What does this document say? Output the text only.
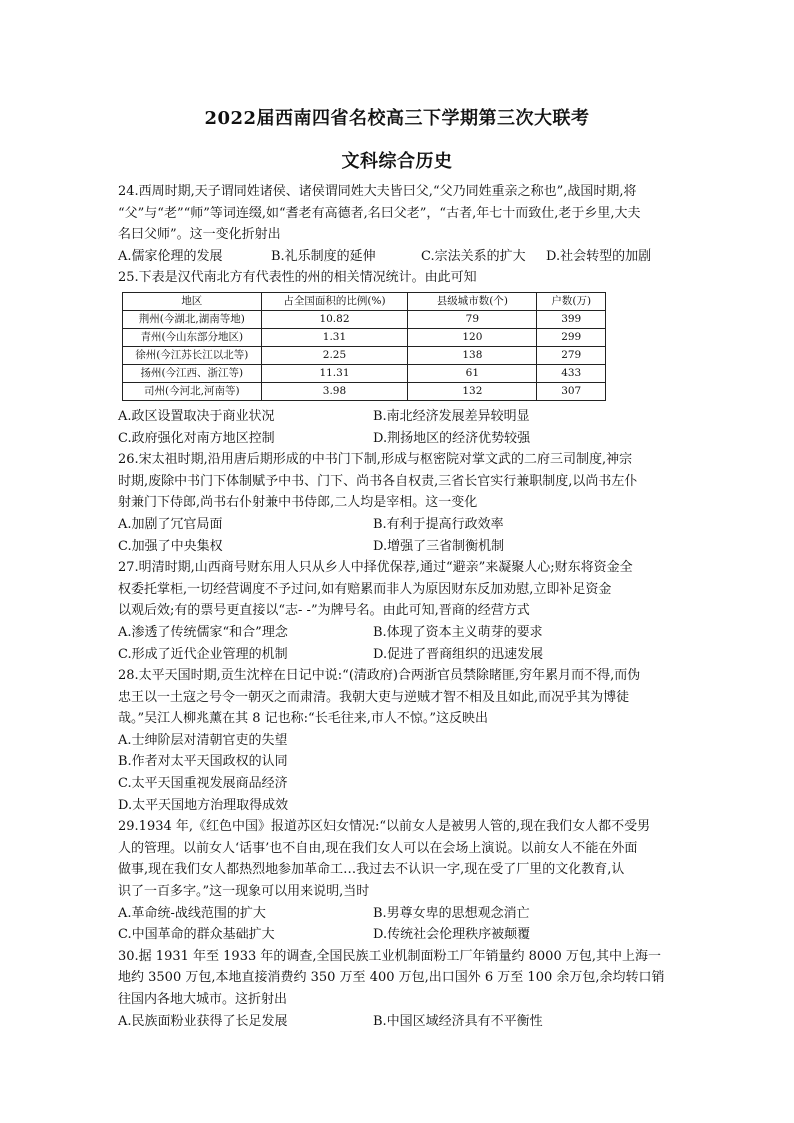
2022届西南四省名校高三下学期第三次大联考
文科综合历史

24.西周时期,天子谓同姓诸侯、诸侯谓同姓大夫皆曰父,“父乃同姓重亲之称也”,战国时期,将

“父”与“老”“师”等词连缀,如“耆老有高德者,名曰父老”，“古者,年七十而致仕,老于乡里,大夫

名曰父师”。这一变化折射出

A.儒家伦理的发展	B.礼乐制度的延伸	C.宗法关系的扩大	D.社会转型的加剧

25.下表是汉代南北方有代表性的州的相关情况统计。由此可知

地区	占全国面积的比例(%)	县级城市数(个)	户数(万)
荆州(今湖北,湖南等地)	10.82	79	399
青州(今山东部分地区)	1.31	120	299
徐州(今江苏长江以北等)	2.25	138	279
扬州(今江西、浙江等)	11.31	61	433
司州(今河北,河南等)	3.98	132	307
A.政区设置取决于商业状况	B.南北经济发展差异较明显
C.政府强化对南方地区控制	D.荆扬地区的经济优势较强

26.宋太祖时期,沿用唐后期形成的中书门下制,形成与枢密院对掌文武的二府三司制度,神宗

时期,废除中书门下体制赋予中书、门下、尚书各自权责,三省长官实行兼职制度,以尚书左仆

射兼门下侍郎,尚书右仆射兼中书侍郎,二人均是宰相。这一变化

A.加剧了冗官局面	B.有利于提高行政效率
C.加强了中央集权	D.增强了三省制衡机制

27.明清时期,山西商号财东用人只从乡人中择优保荐,通过“避亲”来凝聚人心;财东将资金全

权委托掌柜,一切经营调度不予过问,如有赔累而非人为原因财东反加劝慰,立即补足资金

以观后效;有的票号更直接以“志- -”为牌号名。由此可知,晋商的经营方式

A.渗透了传统儒家“和合”理念	B.体现了资本主义萌芽的要求
C.形成了近代企业管理的机制	D.促进了晋商组织的迅速发展

28.太平天国时期,贡生沈梓在日记中说:“(清政府)合两浙官员禁除睹匪,穷年累月而不得,而伪

忠王以一土寇之号令一朝灭之而肃清。我朝大吏与逆贼才智不相及且如此,而况乎其为博徒

哉。”吴江人柳兆薰在其 8 记也称:“长毛往来,市人不惊。”这反映出

A.士绅阶层对清朝官吏的失望

B.作者对太平天国政权的认同

C.太平天国重视发展商品经济

D.太平天国地方治理取得成效

29.1934 年,《红色中国》报道苏区妇女情况:“以前女人是被男人管的,现在我们女人都不受男

人的管理。以前女人‘话事’也不自由,现在我们女人可以在会场上演说。以前女人不能在外面

做事,现在我们女人都热烈地参加革命工…我过去不认识一字,现在受了厂里的文化教育,认

识了一百多字。”这一现象可以用来说明,当时

A.革命统-战线范围的扩大	B.男尊女卑的思想观念消亡
C.中国革命的群众基础扩大	D.传统社会伦理秩序被颠覆

30.据 1931 年至 1933 年的调查,全国民族工业机制面粉工厂年销量约 8000 万包,其中上海一

地约 3500 万包,本地直接消费约 350 万至 400 万包,出口国外 6 万至 100 余万包,余均转口销

往国内各地大城市。这折射出

A.民族面粉业获得了长足发展	B.中国区域经济具有不平衡性
